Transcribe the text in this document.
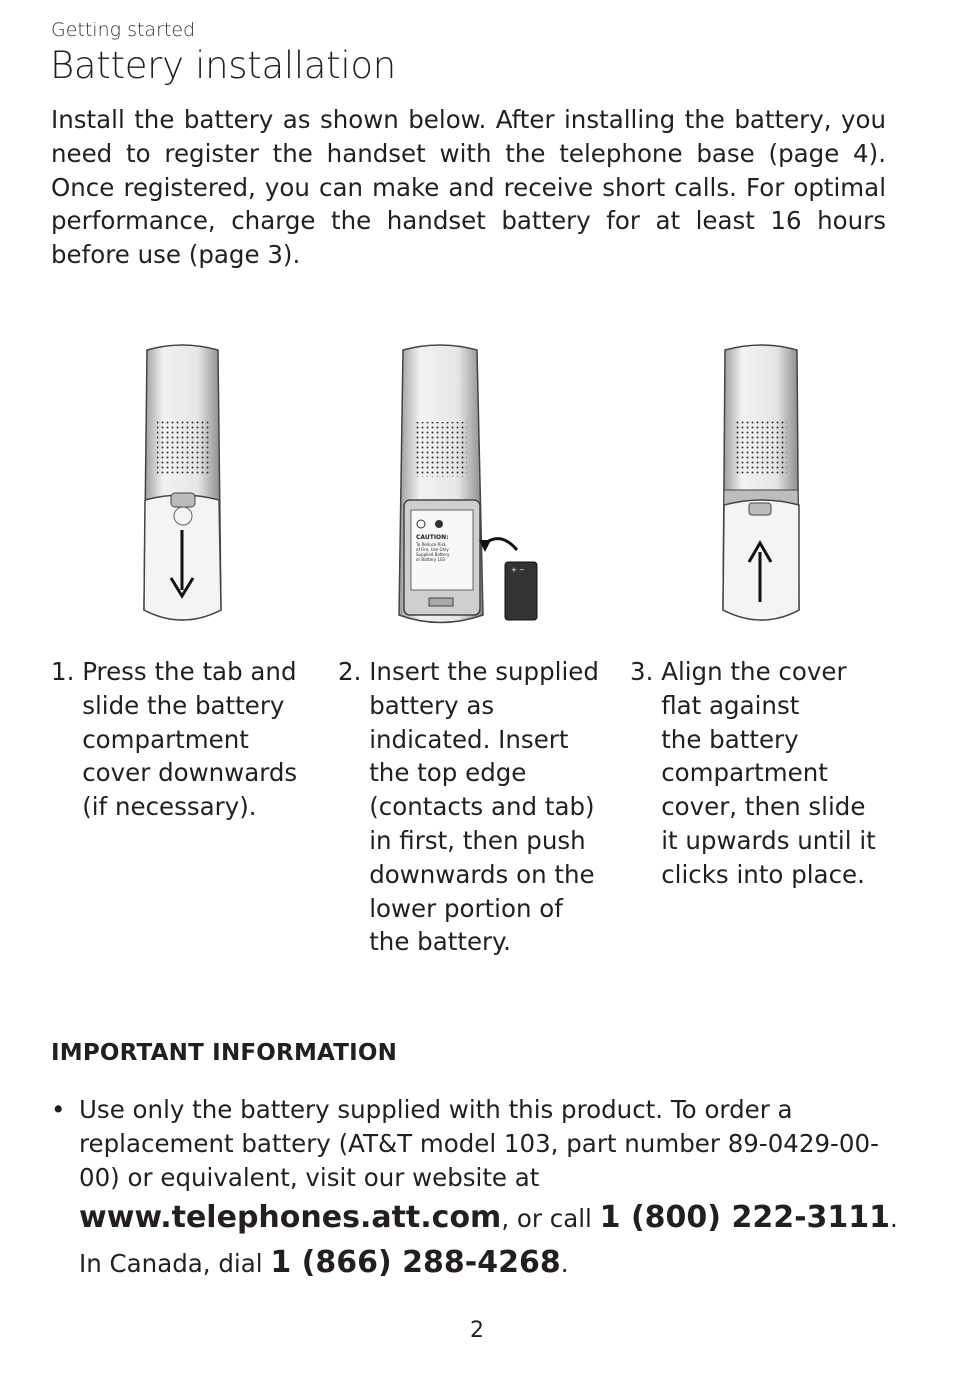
Getting started
Battery installation

Install the battery as shown below. After installing the battery, you need to register the handset with the telephone base (page 4). Once registered, you can make and receive short calls. For optimal performance, charge the handset battery for at least 16 hours before use (page 3).

CAUTION:
To Reduce Risk
of Fire, Use Only
Supplied Battery
or Battery 103
+ −
1.
Press the tab and
slide the battery
compartment
cover downwards
(if necessary).
2.
Insert the supplied
battery as
indicated. Insert
the top edge
(contacts and tab)
in first, then push
downwards on the
lower portion of
the battery.
3.
Align the cover
flat against
the battery
compartment
cover, then slide
it upwards until it
clicks into place.
IMPORTANT INFORMATION
• Use only the battery supplied with this product. To order a replacement battery (AT&T model 103, part number 89-0429-00-00) or equivalent, visit our website at
www.telephones.att.com, or call 1 (800) 222-3111.
In Canada, dial 1 (866) 288-4268.
2
